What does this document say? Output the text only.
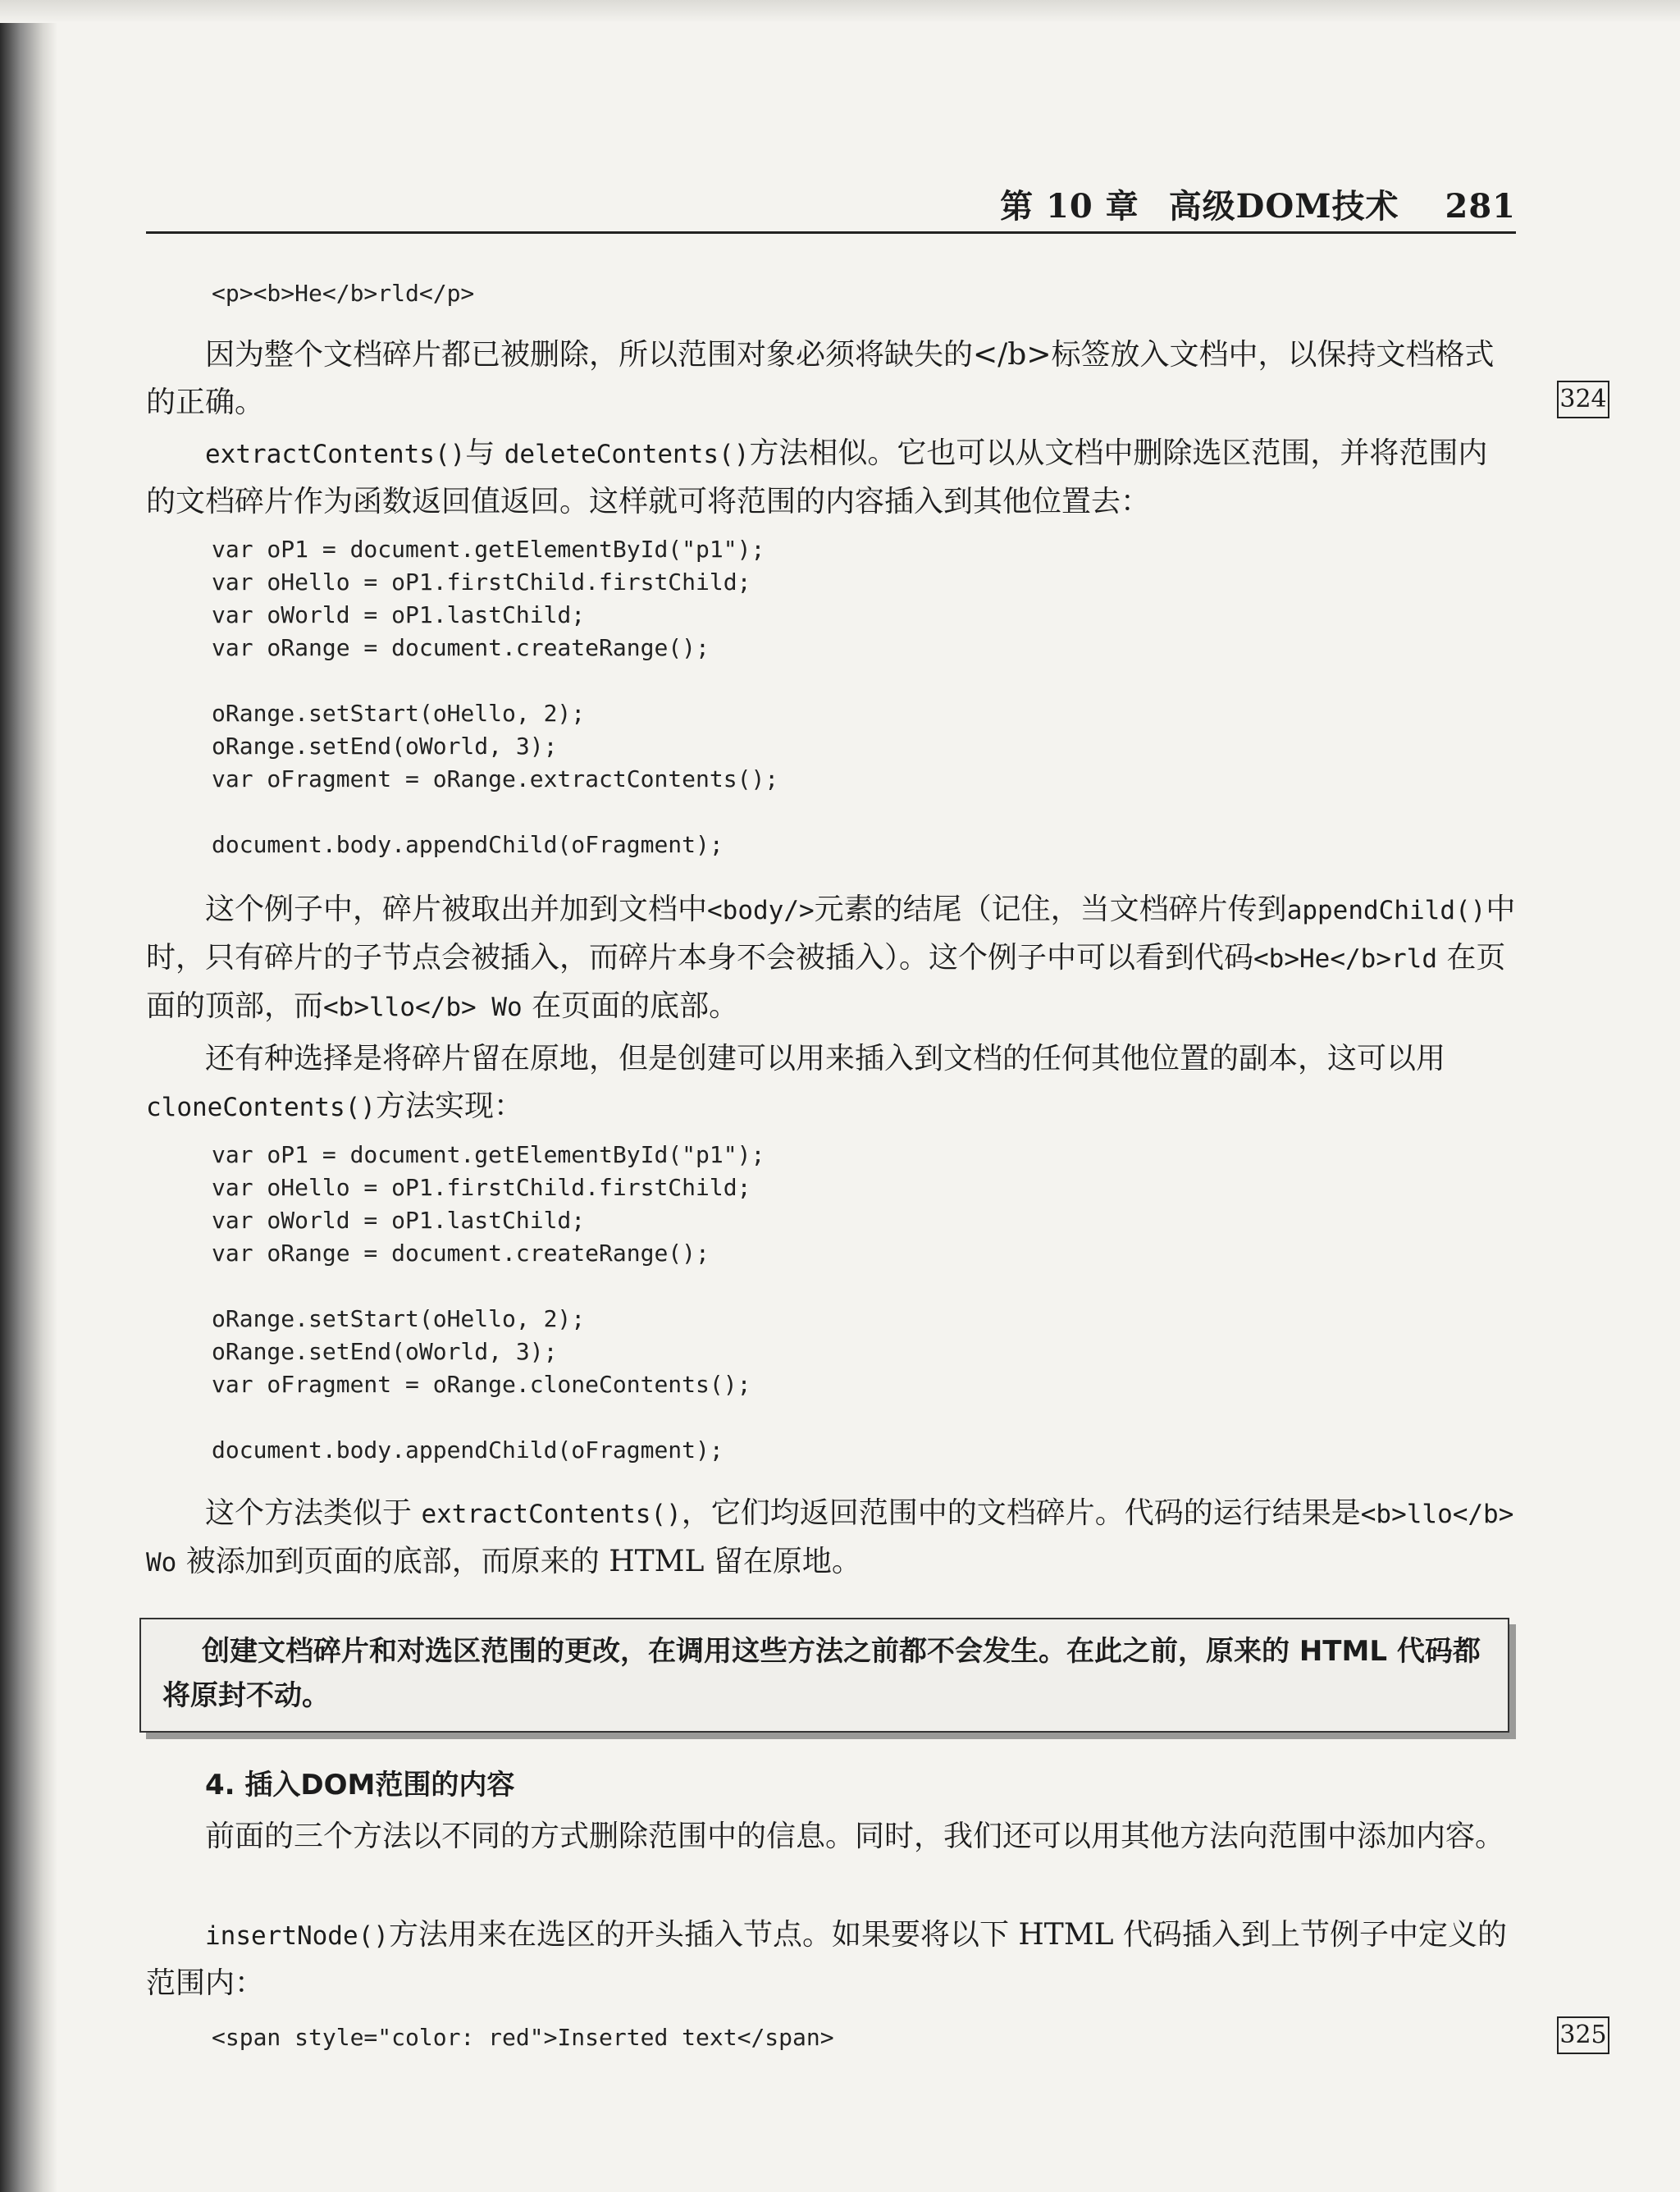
第 10 章 高级DOM技术 281
324
325
<p><b>He</b>rld</p>
因为整个文档碎片都已被删除，所以范围对象必须将缺失的</b>标签放入文档中，以保持文档格式的正确。
extractContents()与 deleteContents()方法相似。它也可以从文档中删除选区范围，并将范围内的文档碎片作为函数返回值返回。这样就可将范围的内容插入到其他位置去：
var oP1 = document.getElementById("p1");
var oHello = oP1.firstChild.firstChild;
var oWorld = oP1.lastChild;
var oRange = document.createRange();

oRange.setStart(oHello, 2);
oRange.setEnd(oWorld, 3);
var oFragment = oRange.extractContents();

document.body.appendChild(oFragment);
这个例子中，碎片被取出并加到文档中<body/>元素的结尾（记住，当文档碎片传到appendChild()中时，只有碎片的子节点会被插入，而碎片本身不会被插入）。这个例子中可以看到代码<b>He</b>rld 在页面的顶部，而<b>llo</b> Wo 在页面的底部。
还有种选择是将碎片留在原地，但是创建可以用来插入到文档的任何其他位置的副本，这可以用 cloneContents()方法实现：
var oP1 = document.getElementById("p1");
var oHello = oP1.firstChild.firstChild;
var oWorld = oP1.lastChild;
var oRange = document.createRange();

oRange.setStart(oHello, 2);
oRange.setEnd(oWorld, 3);
var oFragment = oRange.cloneContents();

document.body.appendChild(oFragment);
这个方法类似于 extractContents()，它们均返回范围中的文档碎片。代码的运行结果是<b>llo</b> Wo 被添加到页面的底部，而原来的 HTML 留在原地。
创建文档碎片和对选区范围的更改，在调用这些方法之前都不会发生。在此之前，原来的 HTML 代码都将原封不动。
4. 插入DOM范围的内容
前面的三个方法以不同的方式删除范围中的信息。同时，我们还可以用其他方法向范围中添加内容。
insertNode()方法用来在选区的开头插入节点。如果要将以下 HTML 代码插入到上节例子中定义的范围内：
<span style="color: red">Inserted text</span>
